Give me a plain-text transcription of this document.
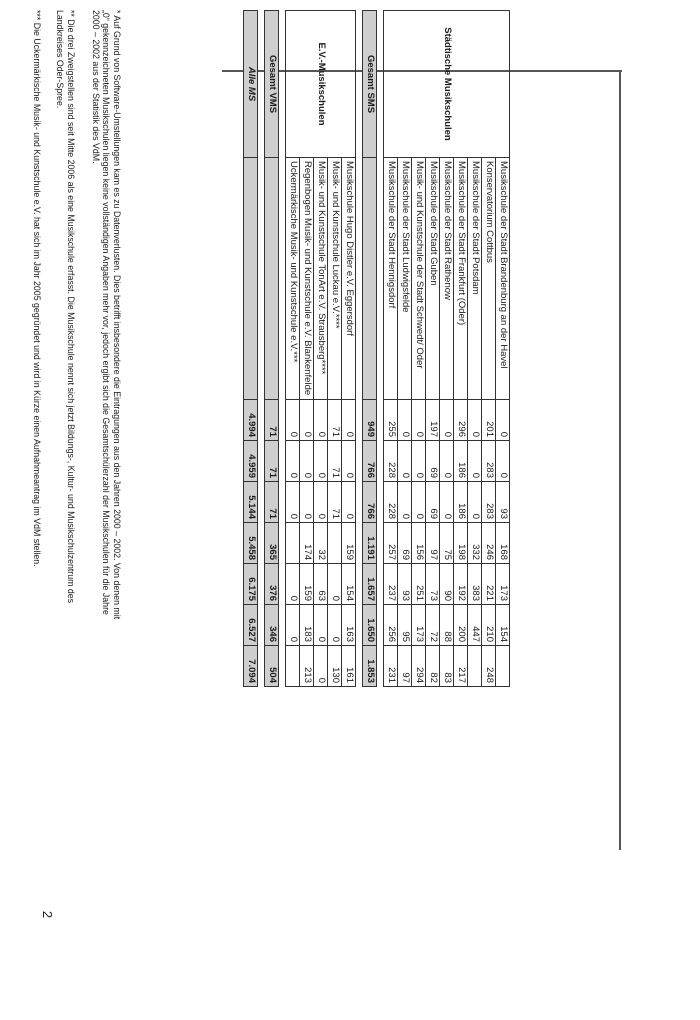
Städtische Musikschulen	Musikschule der Stadt Brandenburg an der Havel	0	0	93	168	173	154	
	Konservatorium Cottbus	201	283	283	246	221	210	248
	Musikschule der Stadt Potsdam	0	0	0	332	383	447	
	Musikschule der Stadt Frankfurt (Oder)	296	186	186	198	192	200	217
	Musikschule der Stadt Rathenow	0	0	0	75	90	88	83
	Musikschule der Stadt Guben	197	69	69	97	73	72	82
	Musik- und Kunstschule der Stadt Schwedt/ Oder	0	0	0	156	251	173	294
	Musikschule der Stadt Ludwigsfelde	0	0	0	69	93	95	97
	Musikschule der Stadt Hennigsdorf	255	228	228	257	237	256	231

Gesamt SMS		949	766	766	1.191	1.657	1.650	1.853

E.V.-Musikschulen	Musikschule Hugo Distler e.V. Eggersdorf	0	0	0	159	154	163	161
	Musik- und Kunstschule Luckau e.V.****	71	71	71		0	0	130
	Musik- und Kunstschule TonArt e.V. Strausberg****	0	0	0	32	63	0	0
	Regenbogen Musik- und Kunstschule e.V. Blankenfelde	0	0	0	174	159	183	213
	Uckermärkische Musik- und Kunstschule e.V.***	0	0	0		0	0	

Gesamt VMS		71	71	71	365	376	346	504

Alle MS		4.994	4.959	5.144	5.458	6.175	6.527	7.094
* Auf Grund von Software-Umstellungen kam es zu Datenverlusten. Dies betrifft insbesondere die Eintragungen aus den Jahren 2000 – 2002. Von denen mit „0“ gekennzeichneten Musikschulen liegen keine vollständigen Angaben mehr vor, jedoch ergibt sich die Gesamtschülerzahl der Musikschulen für die Jahre 2000 – 2002 aus der Statistik des VdM.
** Die drei Zweigstellen sind seit Mitte 2006 als eine Musikschule erfasst. Die Musikschule nennt sich jetzt Bildungs-, Kultur- und Musikschulzentrum des Landkreises Oder-Spree.
*** Die Uckermärkische Musik- und Kunstschule e.V. hat sich im Jahr 2005 gegründet und wird in Kürze einen Aufnahmeantrag im VdM stellen.
2
